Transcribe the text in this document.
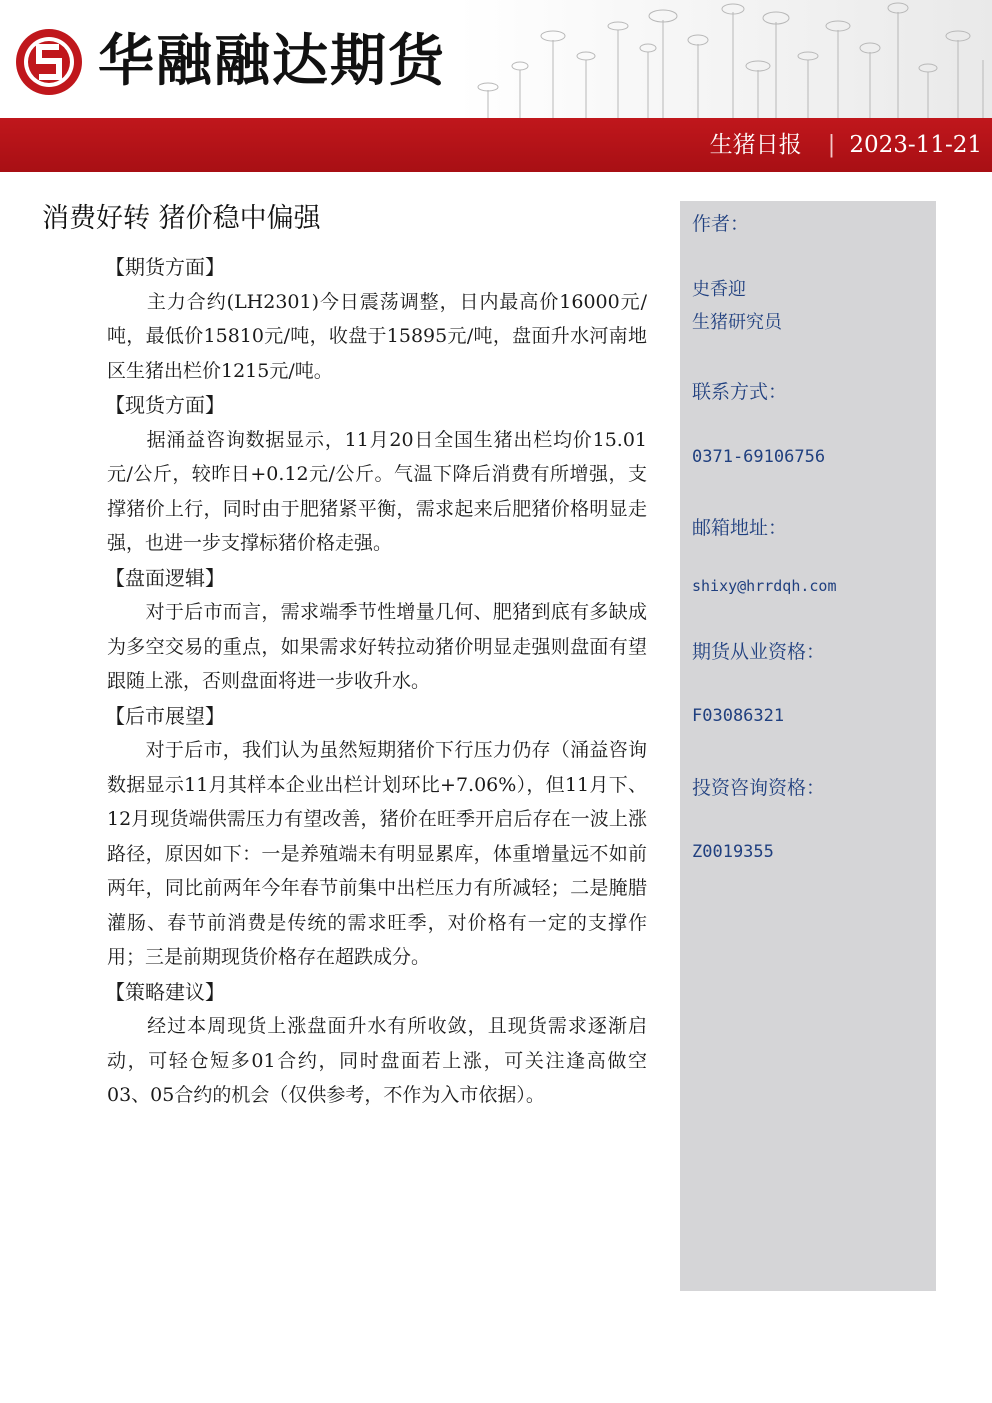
华融融达期货
生猪日报 | 2023-11-21
消费好转 猪价稳中偏强
【期货方面】

　　主力合约(LH2301)今日震荡调整，日内最高价16000元/吨，最低价15810元/吨，收盘于15895元/吨，盘面升水河南地区生猪出栏价1215元/吨。

【现货方面】

　　据涌益咨询数据显示，11月20日全国生猪出栏均价15.01元/公斤，较昨日+0.12元/公斤。气温下降后消费有所增强，支撑猪价上行，同时由于肥猪紧平衡，需求起来后肥猪价格明显走强，也进一步支撑标猪价格走强。

【盘面逻辑】

　　对于后市而言，需求端季节性增量几何、肥猪到底有多缺成为多空交易的重点，如果需求好转拉动猪价明显走强则盘面有望跟随上涨，否则盘面将进一步收升水。

【后市展望】

　　对于后市，我们认为虽然短期猪价下行压力仍存（涌益咨询数据显示11月其样本企业出栏计划环比+7.06%），但11月下、12月现货端供需压力有望改善，猪价在旺季开启后存在一波上涨路径，原因如下：一是养殖端未有明显累库，体重增量远不如前两年，同比前两年今年春节前集中出栏压力有所减轻；二是腌腊灌肠、春节前消费是传统的需求旺季，对价格有一定的支撑作用；三是前期现货价格存在超跌成分。

【策略建议】

　　经过本周现货上涨盘面升水有所收敛，且现货需求逐渐启动，可轻仓短多01合约，同时盘面若上涨，可关注逢高做空03、05合约的机会（仅供参考，不作为入市依据）。

作者：
史香迎
生猪研究员
联系方式：
0371-69106756
邮箱地址：
shixy@hrrdqh.com
期货从业资格：
F03086321
投资咨询资格：
Z0019355
